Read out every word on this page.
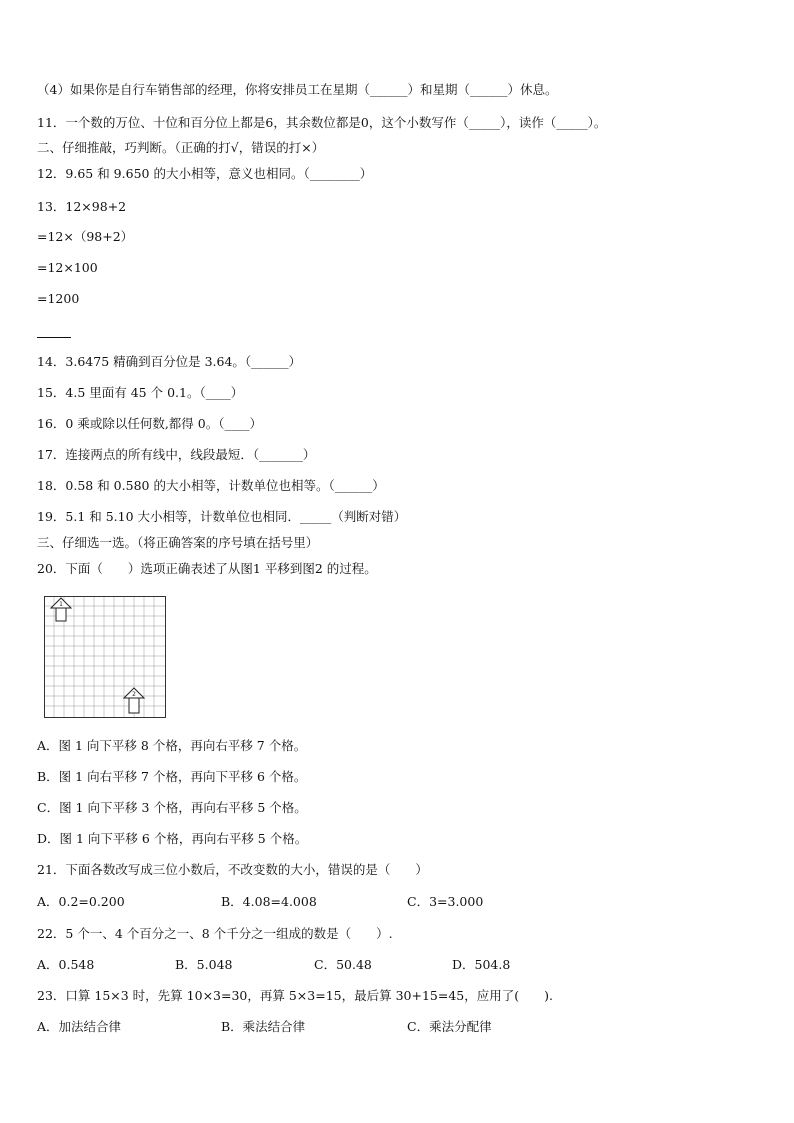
（4）如果你是自行车销售部的经理，你将安排员工在星期（______）和星期（______）休息。
11．一个数的万位、十位和百分位上都是6，其余数位都是0，这个小数写作（_____），读作（_____）。
二、仔细推敲，巧判断。（正确的打√，错误的打×）
12．9.65 和 9.650 的大小相等，意义也相同。（________）
13．12×98+2
=12×（98+2）
=12×100
=1200
14．3.6475 精确到百分位是 3.64。（______）
15．4.5 里面有 45 个 0.1。（____）
16．0 乘或除以任何数,都得 0。（____）
17．连接两点的所有线中，线段最短．（_______）
18．0.58 和 0.580 的大小相等，计数单位也相等。（______）
19．5.1 和 5.10 大小相等，计数单位也相同．_____（判断对错）
三、仔细选一选。（将正确答案的序号填在括号里）
20．下面（　　）选项正确表述了从图1 平移到图2 的过程。
1
2
A．图 1 向下平移 8 个格，再向右平移 7 个格。
B．图 1 向右平移 7 个格，再向下平移 6 个格。
C．图 1 向下平移 3 个格，再向右平移 5 个格。
D．图 1 向下平移 6 个格，再向右平移 5 个格。
21．下面各数改写成三位小数后，不改变数的大小，错误的是（　　）
A．0.2=0.200	B．4.08=4.008	C．3=3.000
22．5 个一、4 个百分之一、8 个千分之一组成的数是（　　）.
A．0.548	B．5.048	C．50.48	D．504.8
23．口算 15×3 时，先算 10×3=30，再算 5×3=15，最后算 30+15=45，应用了(　　).
A．加法结合律	B．乘法结合律	C．乘法分配律
